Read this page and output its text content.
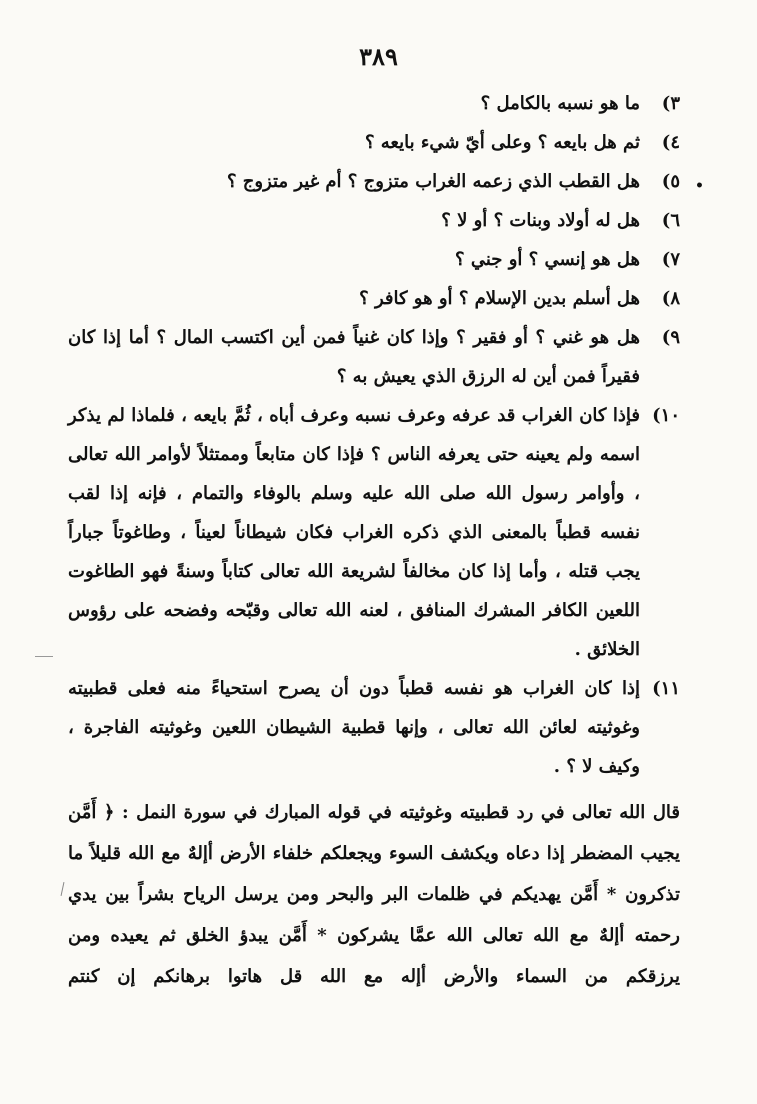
٣٨٩
•
٣)
ما هو نسبه بالكامل ؟
٤)
ثم هل بايعه ؟ وعلى أيّ شيء بايعه ؟
٥)
هل القطب الذي زعمه الغراب متزوج ؟ أم غير متزوج ؟
٦)
هل له أولاد وبنات ؟ أو لا ؟
٧)
هل هو إنسي ؟ أو جني ؟
٨)
هل أسلم بدين الإسلام ؟ أو هو كافر ؟
٩)
هل هو غني ؟ أو فقير ؟ وإذا كان غنياً فمن أين اكتسب المال ؟ أما إذا كان فقيراً فمن أين له الرزق الذي يعيش به ؟
١٠)
فإذا كان الغراب قد عرفه وعرف نسبه وعرف أباه ، ثُمَّ بايعه ، فلماذا لم يذكر اسمه ولم يعينه حتى يعرفه الناس ؟ فإذا كان متابعاً وممتثلاً لأوامر الله تعالى ، وأوامر رسول الله صلى الله عليه وسلم بالوفاء والتمام ، فإنه إذا لقب نفسه قطباً بالمعنى الذي ذكره الغراب فكان شيطاناً لعيناً ، وطاغوتاً جباراً يجب قتله ، وأما إذا كان مخالفاً لشريعة الله تعالى كتاباً وسنةً فهو الطاغوت اللعين الكافر المشرك المنافق ، لعنه الله تعالى وقبّحه وفضحه على رؤوس الخلائق .
١١)
إذا كان الغراب هو نفسه قطباً دون أن يصرح استحياءً منه فعلى قطبيته وغوثيته لعائن الله تعالى ، وإنها قطبية الشيطان اللعين وغوثيته الفاجرة ، وكيف لا ؟ .
قال الله تعالى في رد قطبيته وغوثيته في قوله المبارك في سورة النمل : ﴿ أَمَّن يجيب المضطر إذا دعاه ويكشف السوء ويجعلكم خلفاء الأرض أإلهٌ مع الله قليلاً ما تذكرون * أَمَّن يهديكم في ظلمات البر والبحر ومن يرسل الرياح بشراً بين يدي رحمته أإلهٌ مع الله تعالى الله عمَّا يشركون * أَمَّن يبدؤ الخلق ثم يعيده ومن يرزقكم من السماء والأرض أإله مع الله قل هاتوا برهانكم إن كنتم
